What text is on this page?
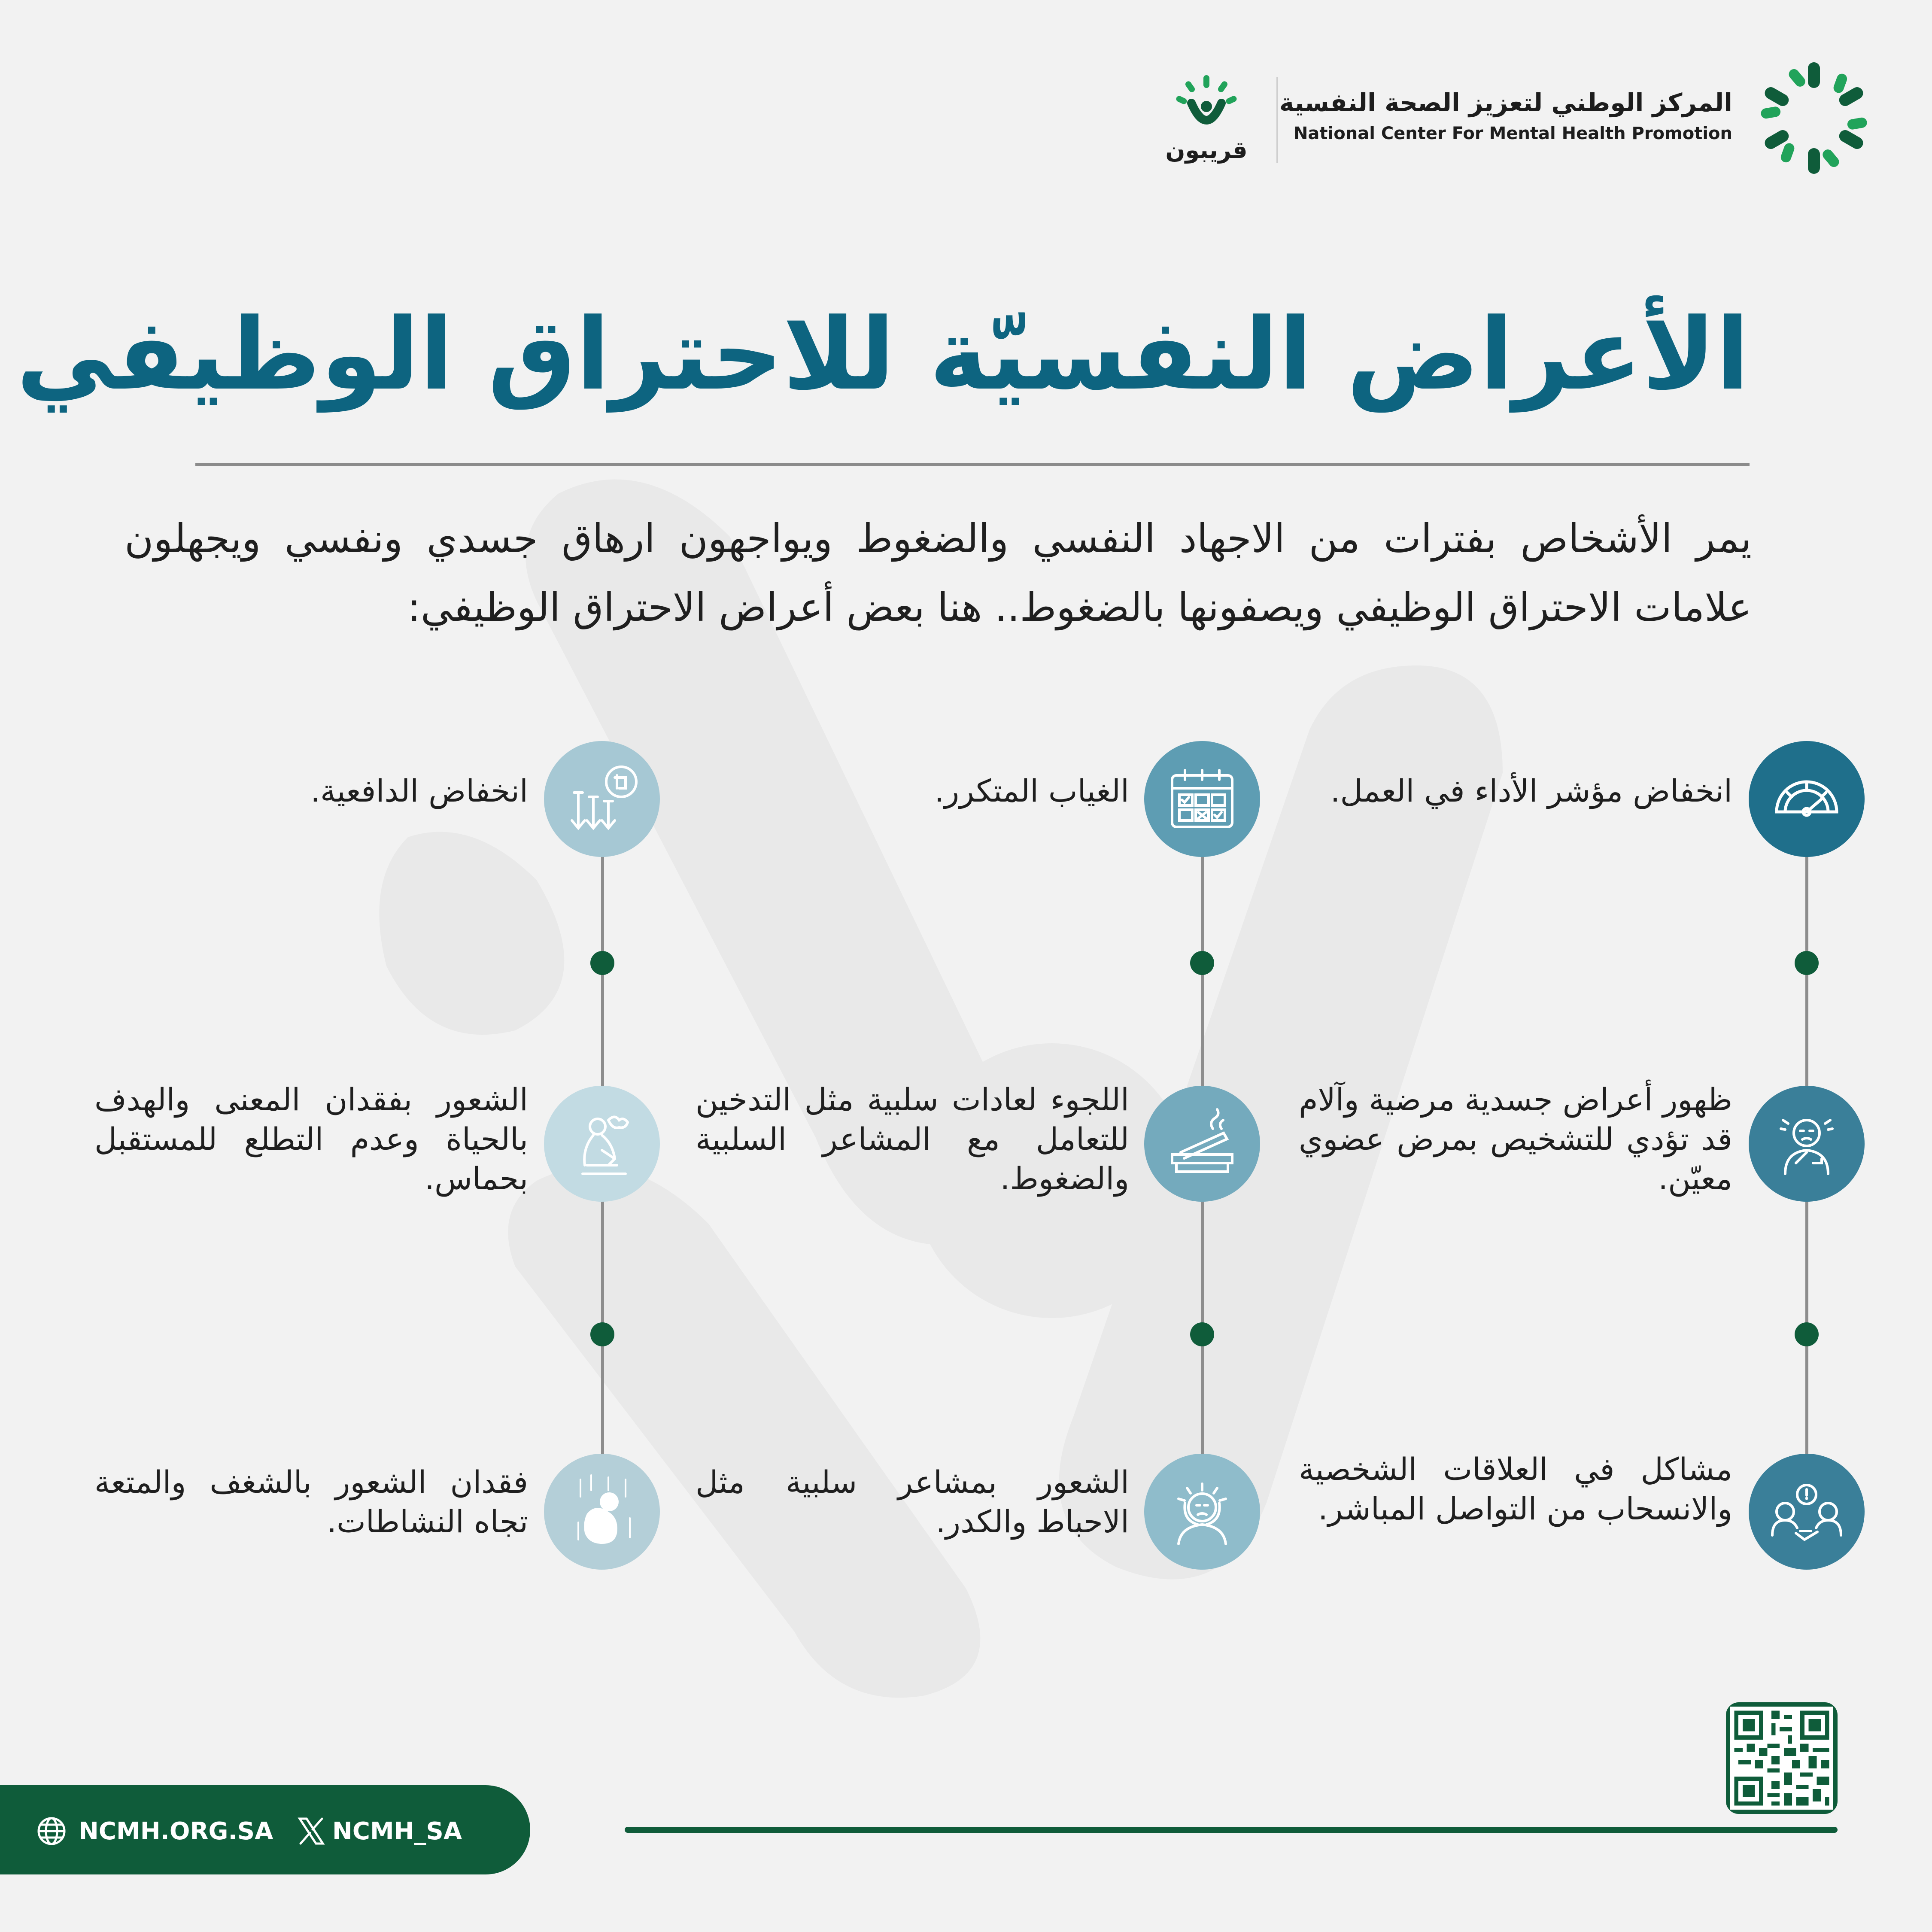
المركز الوطني لتعزيز الصحة النفسية
National Center For Mental Health Promotion
قريبون
الأعراض النفسيّة للاحتراق الوظيفي
يمر الأشخاص بفترات من الاجهاد النفسي والضغوط ويواجهون ارهاق جسدي ونفسي ويجهلون علامات الاحتراق الوظيفي ويصفونها بالضغوط.. هنا بعض أعراض الاحتراق الوظيفي:
انخفاض مؤشر الأداء في العمل.
ظهور أعراض جسدية مرضية وآلام قد تؤدي للتشخيص بمرض عضوي معيّن.
مشاكل في العلاقات الشخصية والانسحاب من التواصل المباشر.
الغياب المتكرر.
اللجوء لعادات سلبية مثل التدخين للتعامل مع المشاعر السلبية والضغوط.
الشعور بمشاعر سلبية مثل الاحباط والكدر.
انخفاض الدافعية.
الشعور بفقدان المعنى والهدف بالحياة وعدم التطلع للمستقبل بحماس.
فقدان الشعور بالشغف والمتعة تجاه النشاطات.
NCMH.ORG.SA NCMH_SA
